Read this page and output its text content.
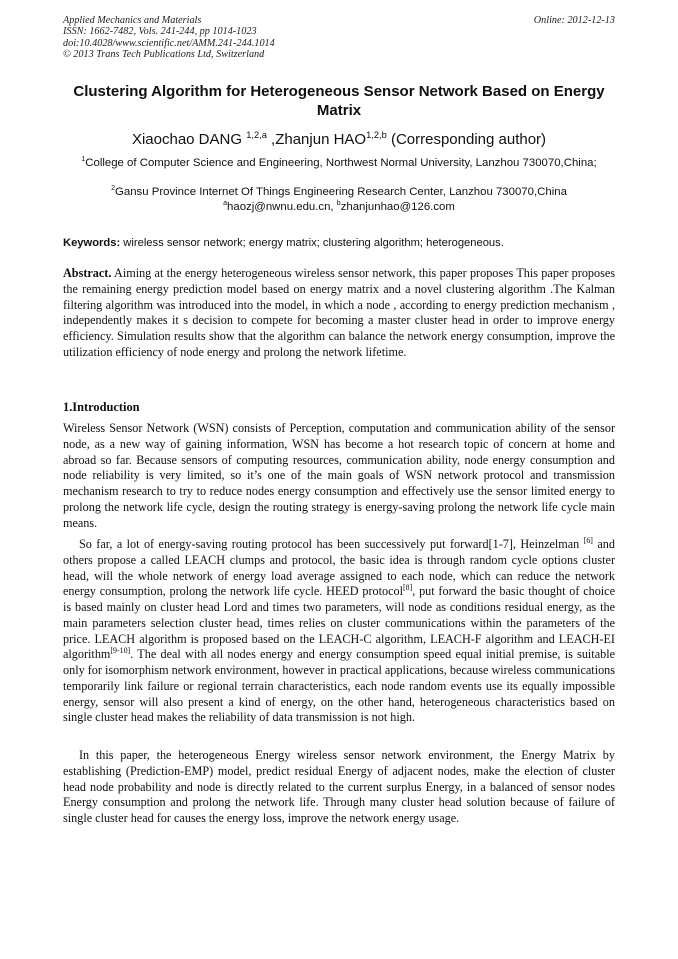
Applied Mechanics and Materials
ISSN: 1662-7482, Vols. 241-244, pp 1014-1023
doi:10.4028/www.scientific.net/AMM.241-244.1014
© 2013 Trans Tech Publications Ltd, Switzerland
Online: 2012-12-13
Clustering Algorithm for Heterogeneous Sensor Network Based on Energy Matrix
Xiaochao DANG $^{1,2,a}$ ,Zhanjun HAO$^{1,2,b}$ (Corresponding author)
$^1$College of Computer Science and Engineering, Northwest Normal University, Lanzhou 730070,China;
$^2$Gansu Province Internet Of Things Engineering Research Center, Lanzhou 730070,China
$^a$haozj@nwnu.edu.cn, $^b$zhanjunhao@126.com
Keywords: wireless sensor network; energy matrix; clustering algorithm; heterogeneous.
Abstract. Aiming at the energy heterogeneous wireless sensor network, this paper proposes This paper proposes the remaining energy prediction model based on energy matrix and a novel clustering algorithm .The Kalman filtering algorithm was introduced into the model, in which a node , according to energy prediction mechanism , independently makes it s decision to compete for becoming a master cluster head in order to improve energy efficiency. Simulation results show that the algorithm can balance the network energy consumption, improve the utilization efficiency of node energy and prolong the network lifetime.
1.Introduction
Wireless Sensor Network (WSN) consists of Perception, computation and communication ability of the sensor node, as a new way of gaining information, WSN has become a hot research topic of concern at home and abroad so far. Because sensors of computing resources, communication ability, node energy consumption and node reliability is very limited, so it’s one of the main goals of WSN network protocol and transmission mechanism research to try to reduce nodes energy consumption and effectively use the sensor limited energy to prolong the network life cycle, design the routing strategy is energy-saving prolong the network life cycle main means.
So far, a lot of energy-saving routing protocol has been successively put forward[1-7], Heinzelman [6] and others propose a called LEACH clumps and protocol, the basic idea is through random cycle options cluster head, will the whole network of energy load average assigned to each node, which can reduce the network energy consumption, prolong the network life cycle. HEED protocol[8], put forward the basic thought of choice is based mainly on cluster head Lord and times two parameters, will node as conditions residual energy, as the main parameters selection cluster head, times relies on cluster communications within the parameters of the price. LEACH algorithm is proposed based on the LEACH-C algorithm, LEACH-F algorithm and LEACH-EI algorithm[9-10]. The deal with all nodes energy and energy consumption speed equal initial premise, is suitable only for isomorphism network environment, however in practical applications, because wireless communications temporarily link failure or regional terrain characteristics, each node random events use its equally impossible energy, sensor will also present a kind of energy, on the other hand, heterogeneous characteristics based on single cluster head makes the reliability of data transmission is not high.
In this paper, the heterogeneous Energy wireless sensor network environment, the Energy Matrix by establishing (Prediction-EMP) model, predict residual Energy of adjacent nodes, make the election of cluster head node probability and node is directly related to the current surplus Energy, in a balanced of sensor nodes Energy consumption and prolong the network life. Through many cluster head solution because of failure of single cluster head for causes the energy loss, improve the network energy usage.
